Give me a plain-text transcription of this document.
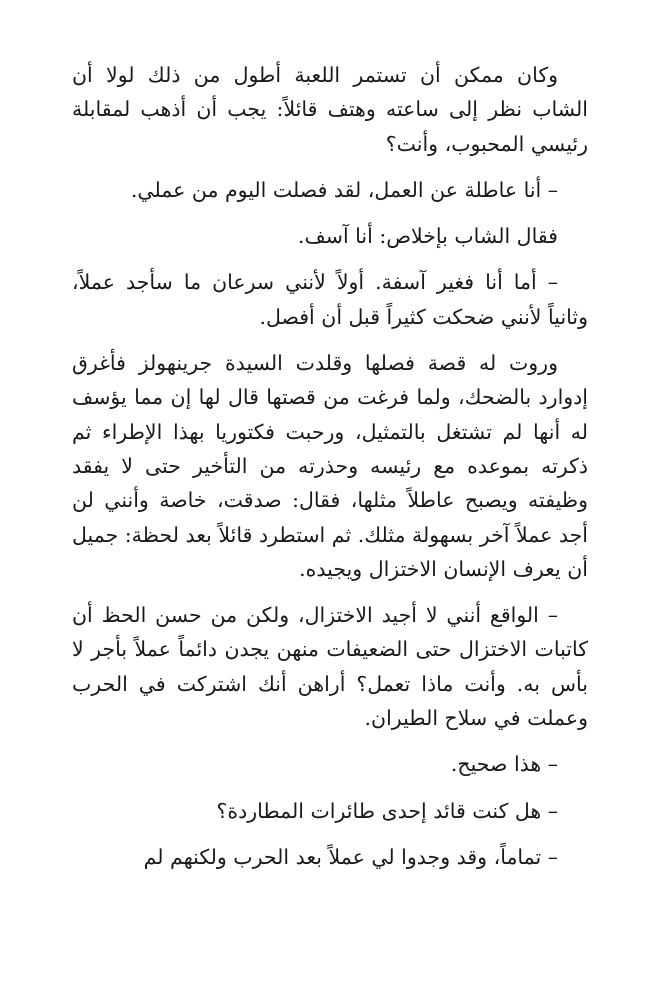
وكان ممكن أن تستمر اللعبة أطول من ذلك لولا أن الشاب نظر إلى ساعته وهتف قائلاً: يجب أن أذهب لمقابلة رئيسي المحبوب، وأنت؟

– أنا عاطلة عن العمل، لقد فصلت اليوم من عملي.

فقال الشاب بإخلاص: أنا آسف.

– أما أنا فغير آسفة. أولاً لأنني سرعان ما سأجد عملاً، وثانياً لأنني ضحكت كثيراً قبل أن أفصل.

وروت له قصة فصلها وقلدت السيدة جرينهولز فأغرق إدوارد بالضحك، ولما فرغت من قصتها قال لها إن مما يؤسف له أنها لم تشتغل بالتمثيل، ورحبت فكتوريا بهذا الإطراء ثم ذكرته بموعده مع رئيسه وحذرته من التأخير حتى لا يفقد وظيفته ويصبح عاطلاً مثلها، فقال: صدقت، خاصة وأنني لن أجد عملاً آخر بسهولة مثلك. ثم استطرد قائلاً بعد لحظة: جميل أن يعرف الإنسان الاختزال ويجيده.

– الواقع أنني لا أجيد الاختزال، ولكن من حسن الحظ أن كاتبات الاختزال حتى الضعيفات منهن يجدن دائماً عملاً بأجر لا بأس به. وأنت ماذا تعمل؟ أراهن أنك اشتركت في الحرب وعملت في سلاح الطيران.

– هذا صحيح.

– هل كنت قائد إحدى طائرات المطاردة؟

– تماماً، وقد وجدوا لي عملاً بعد الحرب ولكنهم لم
